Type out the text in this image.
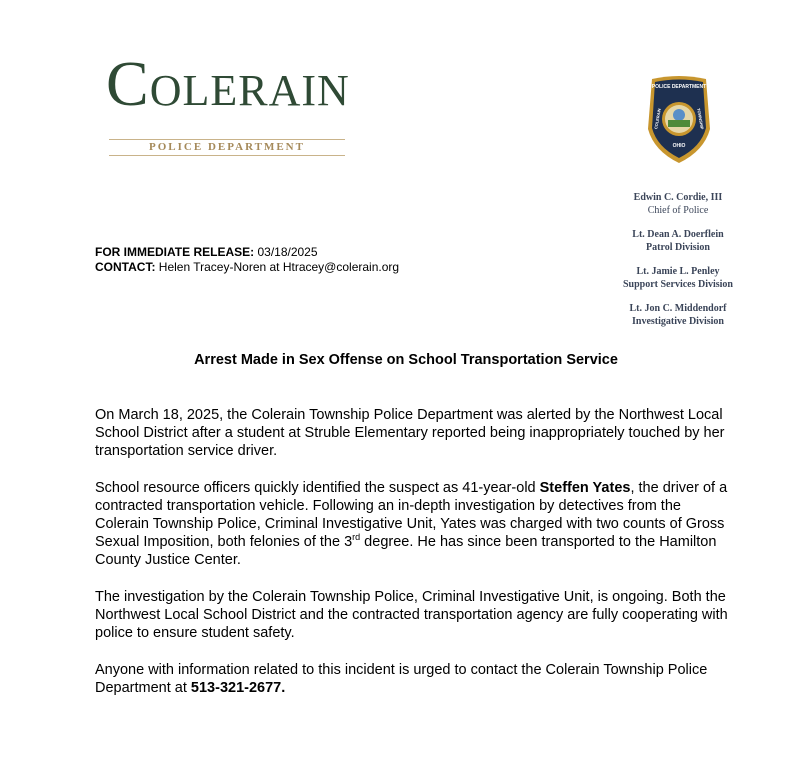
COLERAIN
POLICE DEPARTMENT
POLICE DEPARTMENT
COLERAIN	TOWNSHIP
OHIO
Edwin C. Cordie, III
Chief of Police
Lt. Dean A. Doerflein
Patrol Division
Lt. Jamie L. Penley
Support Services Division
Lt. Jon C. Middendorf
Investigative Division
FOR IMMEDIATE RELEASE: 03/18/2025
CONTACT: Helen Tracey-Noren at Htracey@colerain.org
Arrest Made in Sex Offense on School Transportation Service

On March 18, 2025, the Colerain Township Police Department was alerted by the Northwest Local School District after a student at Struble Elementary reported being inappropriately touched by her transportation service driver.

School resource officers quickly identified the suspect as 41-year-old Steffen Yates, the driver of a contracted transportation vehicle. Following an in-depth investigation by detectives from the Colerain Township Police, Criminal Investigative Unit, Yates was charged with two counts of Gross Sexual Imposition, both felonies of the 3rd degree. He has since been transported to the Hamilton County Justice Center.

The investigation by the Colerain Township Police, Criminal Investigative Unit, is ongoing. Both the Northwest Local School District and the contracted transportation agency are fully cooperating with police to ensure student safety.

Anyone with information related to this incident is urged to contact the Colerain Township Police Department at 513-321-2677.
